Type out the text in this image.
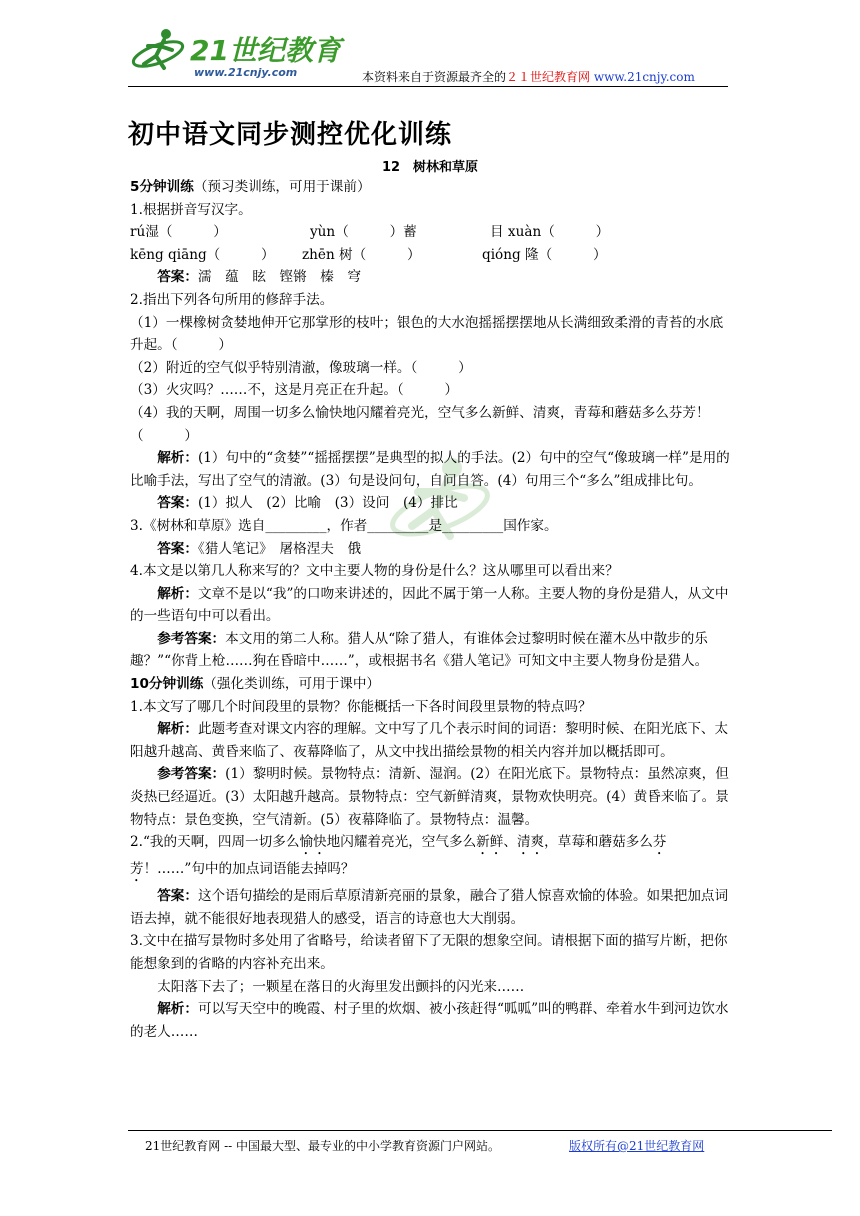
21世纪教育
www.21cnjy.com	本资料来自于资源最齐全的２１世纪教育网 www.21cnjy.com
初中语文同步测控优化训练
12　树林和草原

5分钟训练（预习类训练，可用于课前）

1.根据拼音写汉字。

rú湿（　　　）	yùn（　　　）蓄	目 xuàn（　　　）
kēng qiāng（　　　）	zhēn 树（　　　）	qióng 隆（　　　）

答案：濡　蕴　眩　铿锵　榛　穹

2.指出下列各句所用的修辞手法。

（1）一棵橡树贪婪地伸开它那掌形的枝叶；银色的大水泡摇摇摆摆地从长满细致柔滑的青苔的水底升起。（　　　）

（2）附近的空气似乎特别清澈，像玻璃一样。（　　　）

（3）火灾吗？……不，这是月亮正在升起。（　　　）

（4）我的天啊，周围一切多么愉快地闪耀着亮光，空气多么新鲜、清爽，青莓和蘑菇多么芬芳！（　　　）

解析：(1）句中的“贪婪”“摇摇摆摆”是典型的拟人的手法。(2）句中的空气“像玻璃一样”是用的比喻手法，写出了空气的清澈。(3）句是设问句，自问自答。(4）句用三个“多么”组成排比句。

答案：(1）拟人　(2）比喻　(3）设问　(4）排比

3.《树林和草原》选自_________，作者_________是_________国作家。

答案：《猎人笔记》　屠格涅夫　俄

4.本文是以第几人称来写的？文中主要人物的身份是什么？这从哪里可以看出来？

解析：文章不是以“我”的口吻来讲述的，因此不属于第一人称。主要人物的身份是猎人，从文中的一些语句中可以看出。

参考答案：本文用的第二人称。猎人从“除了猎人，有谁体会过黎明时候在灌木丛中散步的乐趣？”“你背上枪……狗在昏暗中……”，或根据书名《猎人笔记》可知文中主要人物身份是猎人。

10分钟训练（强化类训练，可用于课中）

1.本文写了哪几个时间段里的景物？你能概括一下各时间段里景物的特点吗？

解析：此题考查对课文内容的理解。文中写了几个表示时间的词语：黎明时候、在阳光底下、太阳越升越高、黄昏来临了、夜幕降临了，从文中找出描绘景物的相关内容并加以概括即可。

参考答案：(1）黎明时候。景物特点：清新、湿润。(2）在阳光底下。景物特点：虽然凉爽，但炎热已经逼近。(3）太阳越升越高。景物特点：空气新鲜清爽，景物欢快明亮。(4）黄昏来临了。景物特点：景色变换，空气清新。(5）夜幕降临了。景物特点：温馨。

2.“我的天啊，四周一切多么愉快地闪耀着亮光，空气多么新鲜、清爽，草莓和蘑菇多么芬芳！……”句中的加点词语能去掉吗？

答案：这个语句描绘的是雨后草原清新亮丽的景象，融合了猎人惊喜欢愉的体验。如果把加点词语去掉，就不能很好地表现猎人的感受，语言的诗意也大大削弱。

3.文中在描写景物时多处用了省略号，给读者留下了无限的想象空间。请根据下面的描写片断，把你能想象到的省略的内容补充出来。

太阳落下去了；一颗星在落日的火海里发出颤抖的闪光来……

解析：可以写天空中的晚霞、村子里的炊烟、被小孩赶得“呱呱”叫的鸭群、牵着水牛到河边饮水的老人……

21世纪教育网 -- 中国最大型、最专业的中小学教育资源门户网站。	版权所有@21世纪教育网
